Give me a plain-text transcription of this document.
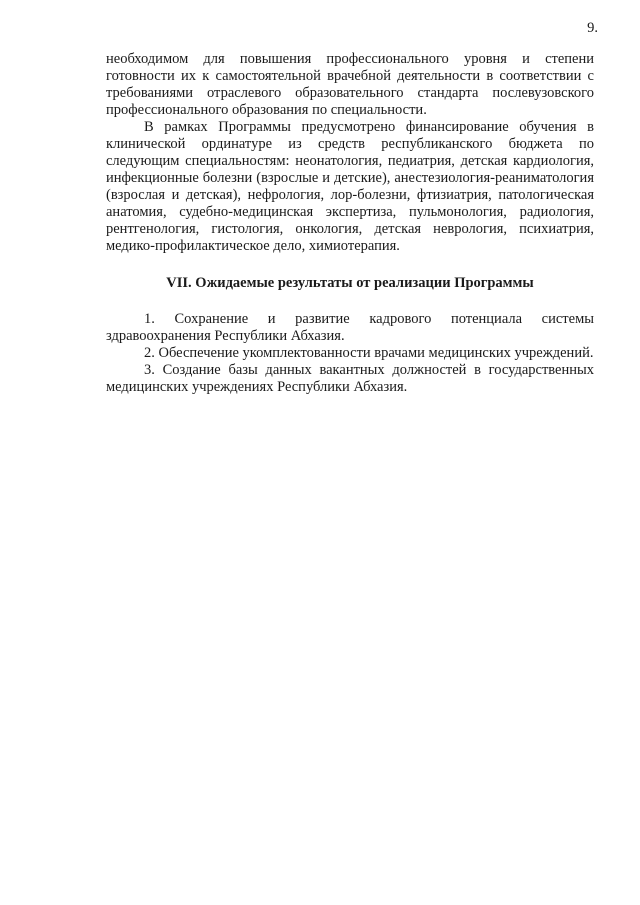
9.

необходимом для повышения профессионального уровня и степени готовности их к самостоятельной врачебной деятельности в соответствии с требованиями отраслевого образовательного стандарта послевузовского профессионального образования по специальности.

В рамках Программы предусмотрено финансирование обучения в клинической ординатуре из средств республиканского бюджета по следующим специальностям: неонатология, педиатрия, детская кардиология, инфекционные болезни (взрослые и детские), анестезиология-реаниматология (взрослая и детская), нефрология, лор-болезни, фтизиатрия, патологическая анатомия, судебно-медицинская экспертиза, пульмонология, радиология, рентгенология, гистология, онкология, детская неврология, психиатрия, медико-профилактическое дело, химиотерапия.

VII. Ожидаемые результаты от реализации Программы

1. Сохранение и развитие кадрового потенциала системы здравоохранения Республики Абхазия.

2. Обеспечение укомплектованности врачами медицинских учреждений.

3. Создание базы данных вакантных должностей в государственных медицинских учреждениях Республики Абхазия.
